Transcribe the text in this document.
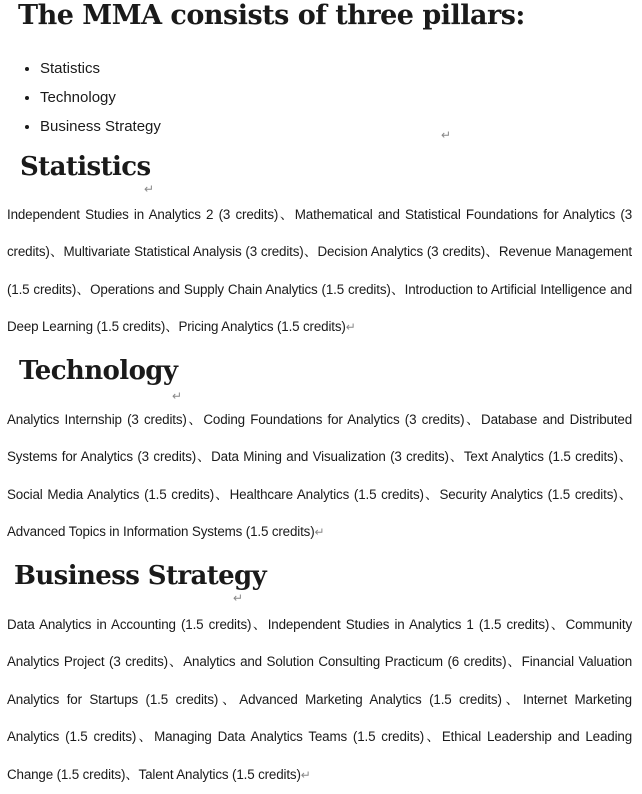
The MMA consists of three pillars:
• Statistics
• Technology
• Business Strategy	↵
Statistics
↵
Independent Studies in Analytics 2 (3 credits)、Mathematical and Statistical Foundations for Analytics (3 credits)、Multivariate Statistical Analysis (3 credits)、Decision Analytics (3 credits)、Revenue Management (1.5 credits)、Operations and Supply Chain Analytics (1.5 credits)、Introduction to Artificial Intelligence and Deep Learning (1.5 credits)、Pricing Analytics (1.5 credits)↵
Technology
↵
Analytics Internship (3 credits)、Coding Foundations for Analytics (3 credits)、Database and Distributed Systems for Analytics (3 credits)、Data Mining and Visualization (3 credits)、Text Analytics (1.5 credits)、Social Media Analytics (1.5 credits)、Healthcare Analytics (1.5 credits)、Security Analytics (1.5 credits)、Advanced Topics in Information Systems (1.5 credits)↵
Business Strategy
↵
Data Analytics in Accounting (1.5 credits)、Independent Studies in Analytics 1 (1.5 credits)、Community Analytics Project (3 credits)、Analytics and Solution Consulting Practicum (6 credits)、Financial Valuation Analytics for Startups (1.5 credits)、Advanced Marketing Analytics (1.5 credits)、Internet Marketing Analytics (1.5 credits)、Managing Data Analytics Teams (1.5 credits)、Ethical Leadership and Leading Change (1.5 credits)、Talent Analytics (1.5 credits)↵
